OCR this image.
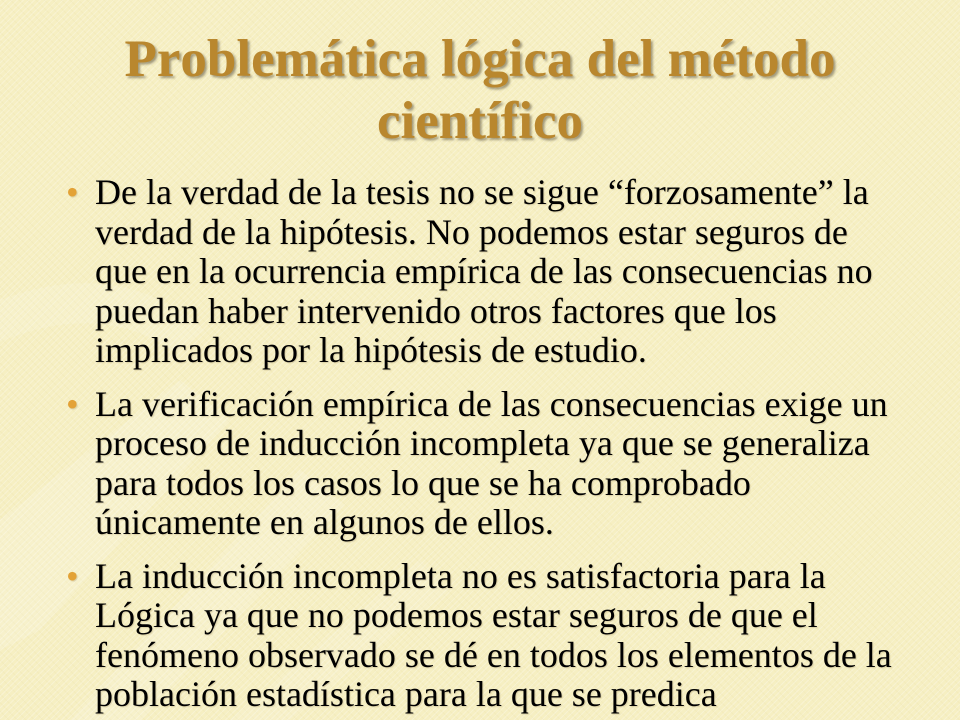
Problemática lógica del método científico
• De la verdad de la tesis no se sigue “forzosamente” la verdad de la hipótesis. No podemos estar seguros de que en la ocurrencia empírica de las consecuencias no puedan haber intervenido otros factores que los implicados por la hipótesis de estudio.
• La verificación empírica de las consecuencias exige un proceso de inducción incompleta ya que se generaliza para todos los casos lo que se ha comprobado únicamente en algunos de ellos.
• La inducción incompleta no es satisfactoria para la Lógica ya que no podemos estar seguros de que el fenómeno observado se dé en todos los elementos de la población estadística para la que se predica
